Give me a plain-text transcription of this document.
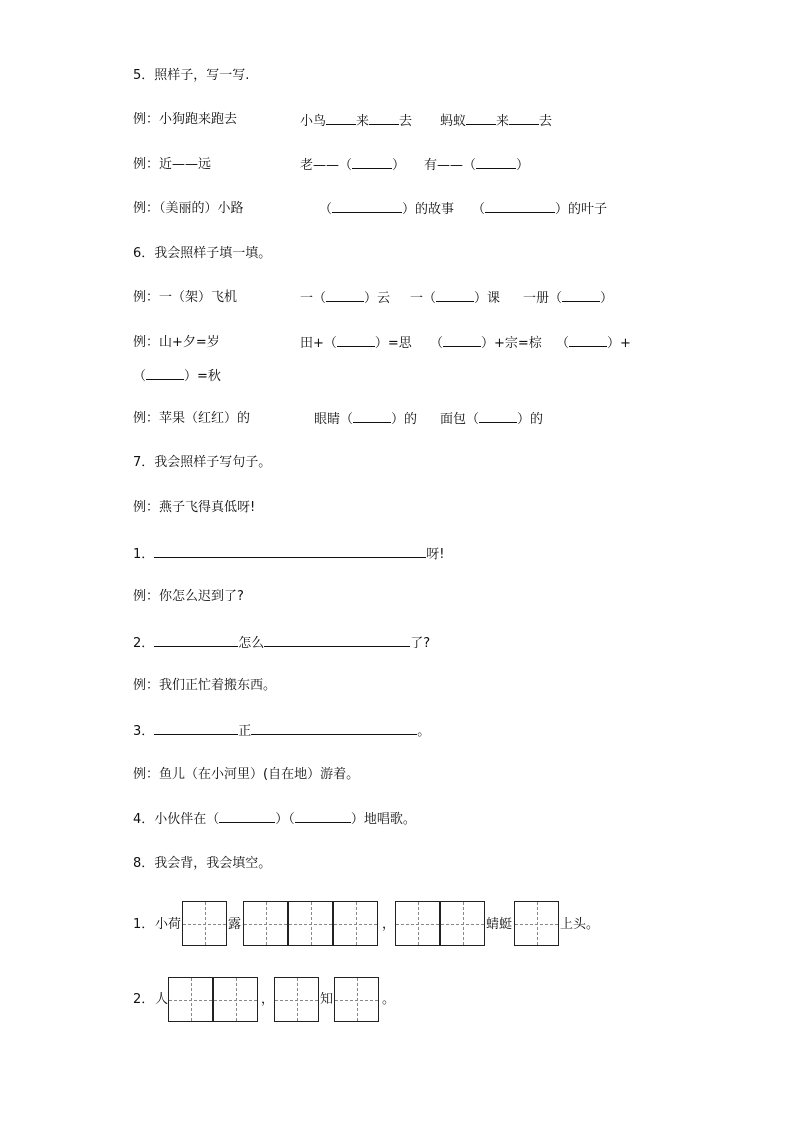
5．照样子，写一写.
例：小狗跑来跑去	小鸟 来 去 蚂蚁 来 去
例：近——远	老——（	） 有——（	）
例：（美丽的）小路	（	）的故事 （	）的叶子
6．我会照样子填一填。
例：一（架）飞机	一（	）云 一（	）课 一册（	）
例：山+夕=岁	田+（	）=思 （	）+宗=棕 （	）+
（	）=秋
例：苹果（红红）的	眼睛（	）的 面包（	）的
7．我会照样子写句子。
例：燕子飞得真低呀!
1．	呀!
例：你怎么迟到了?
2．	怎么	了?
例：我们正忙着搬东西。
3．	正	。
例：鱼儿（在小河里）(自在地）游着。
4．小伙伴在（	）（	）地唱歌。
8．我会背，我会填空。
1． 小荷	露	，	蜻蜓	上头。
2． 人	，	知	。
